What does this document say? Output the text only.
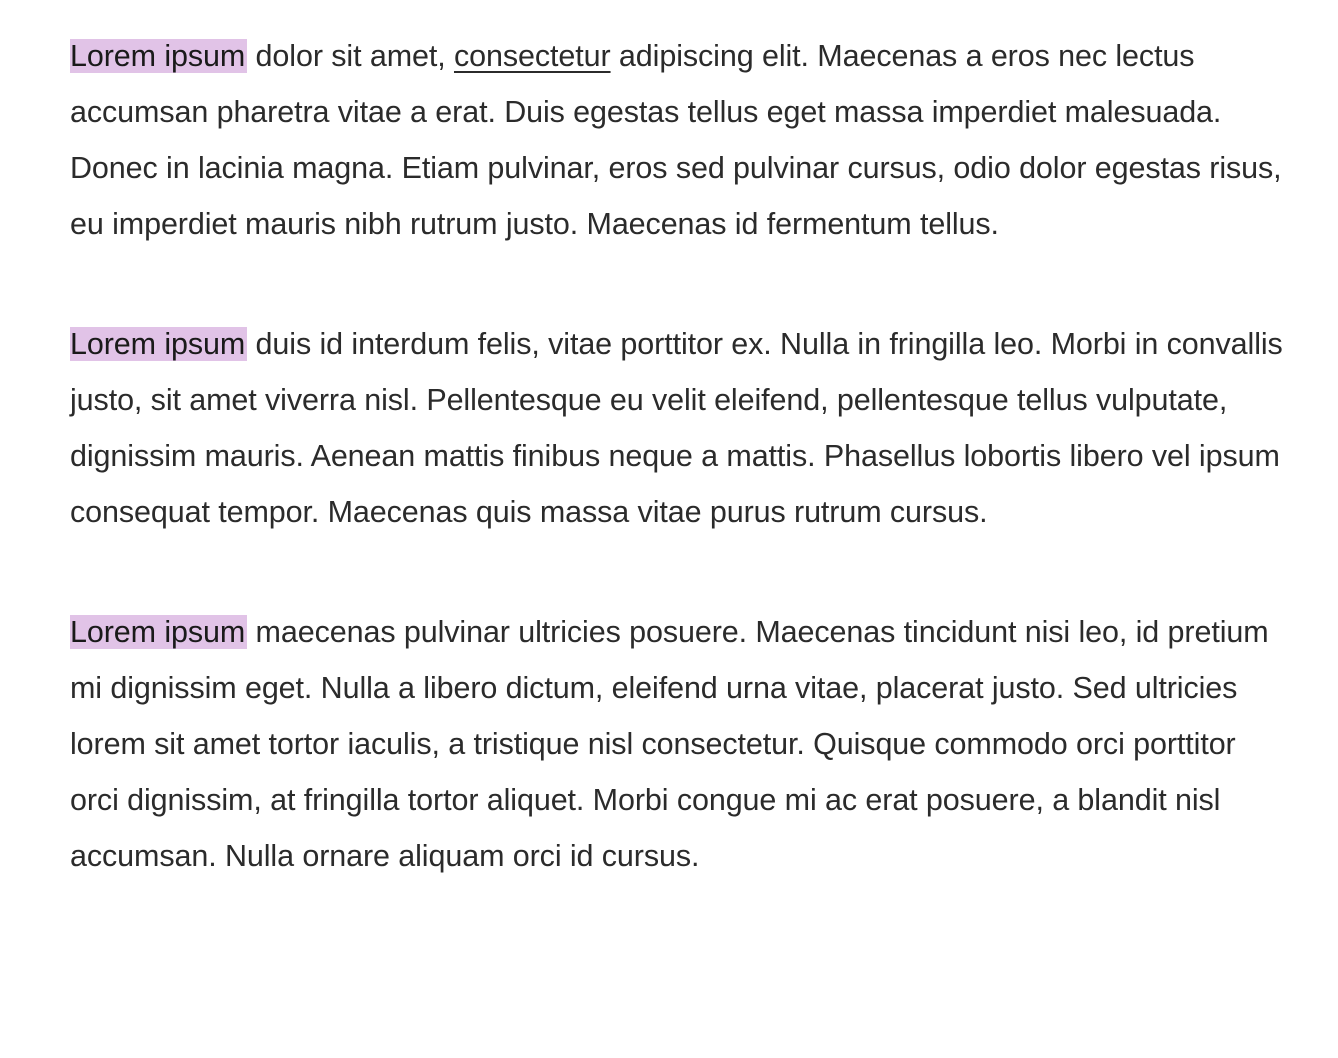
Lorem ipsum dolor sit amet, consectetur adipiscing elit. Maecenas a eros nec lectus accumsan pharetra vitae a erat. Duis egestas tellus eget massa imperdiet malesuada. Donec in lacinia magna. Etiam pulvinar, eros sed pulvinar cursus, odio dolor egestas risus, eu imperdiet mauris nibh rutrum justo. Maecenas id fermentum tellus.

Lorem ipsum duis id interdum felis, vitae porttitor ex. Nulla in fringilla leo. Morbi in convallis justo, sit amet viverra nisl. Pellentesque eu velit eleifend, pellentesque tellus vulputate, dignissim mauris. Aenean mattis finibus neque a mattis. Phasellus lobortis libero vel ipsum consequat tempor. Maecenas quis massa vitae purus rutrum cursus.

Lorem ipsum maecenas pulvinar ultricies posuere. Maecenas tincidunt nisi leo, id pretium mi dignissim eget. Nulla a libero dictum, eleifend urna vitae, placerat justo. Sed ultricies lorem sit amet tortor iaculis, a tristique nisl consectetur. Quisque commodo orci porttitor orci dignissim, at fringilla tortor aliquet. Morbi congue mi ac erat posuere, a blandit nisl accumsan. Nulla ornare aliquam orci id cursus.
